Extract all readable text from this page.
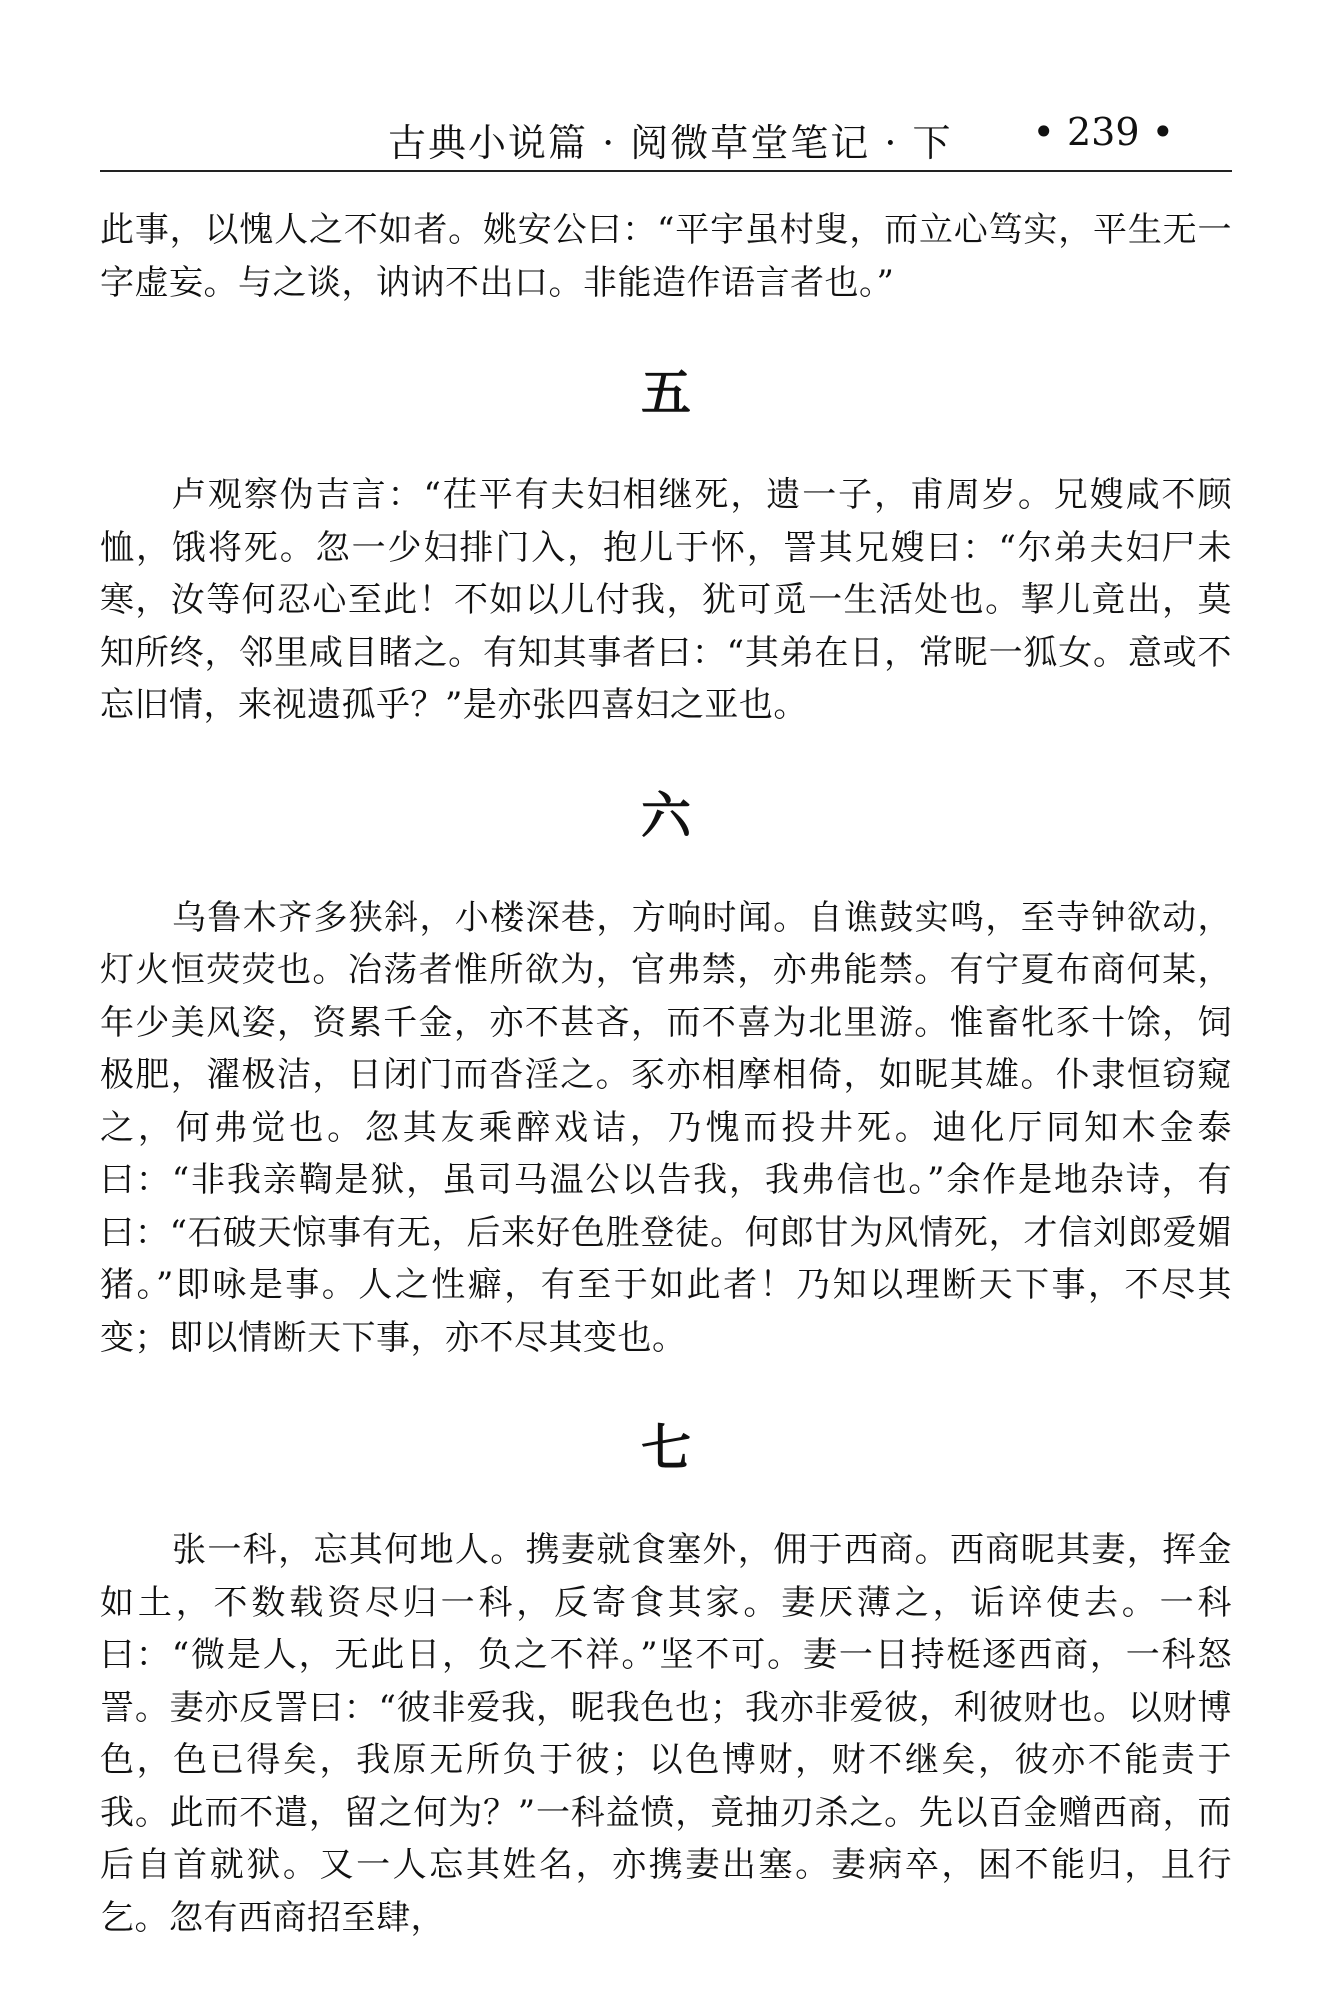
古典小说篇 · 阅微草堂笔记 · 下 • 239 •

此事，以愧人之不如者。姚安公曰：“平宇虽村叟，而立心笃实，平生无一字虚妄。与之谈，讷讷不出口。非能造作语言者也。”

五

卢观察伪吉言：“茌平有夫妇相继死，遗一子，甫周岁。兄嫂咸不顾恤，饿将死。忽一少妇排门入，抱儿于怀，詈其兄嫂曰：“尔弟夫妇尸未寒，汝等何忍心至此！不如以儿付我，犹可觅一生活处也。挈儿竟出，莫知所终，邻里咸目睹之。有知其事者曰：“其弟在日，常昵一狐女。意或不忘旧情，来视遗孤乎？”是亦张四喜妇之亚也。

六

乌鲁木齐多狭斜，小楼深巷，方响时闻。自谯鼓实鸣，至寺钟欲动，灯火恒荧荧也。冶荡者惟所欲为，官弗禁，亦弗能禁。有宁夏布商何某，年少美风姿，资累千金，亦不甚吝，而不喜为北里游。惟畜牝豕十馀，饲极肥，濯极洁，日闭门而沓淫之。豕亦相摩相倚，如昵其雄。仆隶恒窃窥之，何弗觉也。忽其友乘醉戏诘，乃愧而投井死。迪化厅同知木金泰曰：“非我亲鞫是狱，虽司马温公以告我，我弗信也。”余作是地杂诗，有曰：“石破天惊事有无，后来好色胜登徒。何郎甘为风情死，才信刘郎爱媚猪。”即咏是事。人之性癖，有至于如此者！乃知以理断天下事，不尽其变；即以情断天下事，亦不尽其变也。

七

张一科，忘其何地人。携妻就食塞外，佣于西商。西商昵其妻，挥金如土，不数载资尽归一科，反寄食其家。妻厌薄之，诟谇使去。一科曰：“微是人，无此日，负之不祥。”坚不可。妻一日持梃逐西商，一科怒詈。妻亦反詈曰：“彼非爱我，昵我色也；我亦非爱彼，利彼财也。以财博色，色已得矣，我原无所负于彼；以色博财，财不继矣，彼亦不能责于我。此而不遣，留之何为？”一科益愤，竟抽刃杀之。先以百金赠西商，而后自首就狱。又一人忘其姓名，亦携妻出塞。妻病卒，困不能归，且行乞。忽有西商招至肆，
